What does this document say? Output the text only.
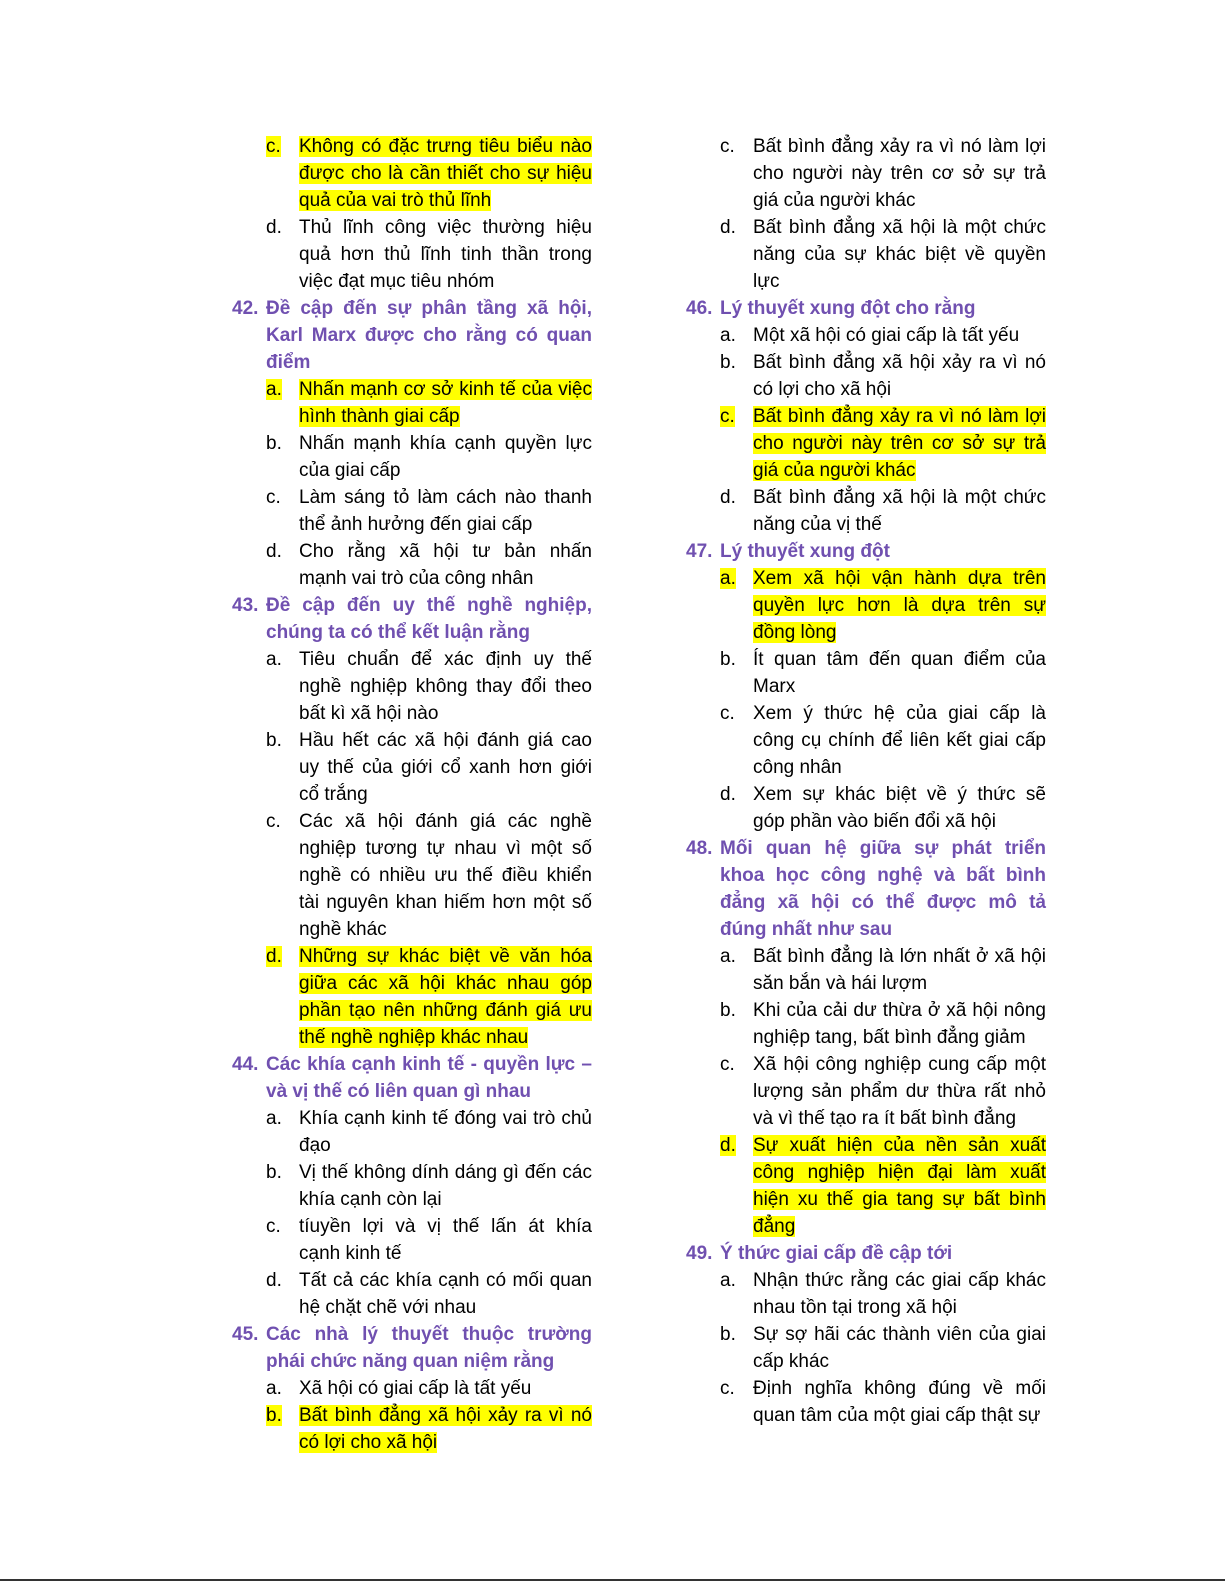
c. Không có đặc trưng tiêu biểu nào được cho là cần thiết cho sự hiệu quả của vai trò thủ lĩnh
d. Thủ lĩnh công việc thường hiệu quả hơn thủ lĩnh tinh thần trong việc đạt mục tiêu nhóm
42. Đề cập đến sự phân tầng xã hội, Karl Marx được cho rằng có quan điểm
a. Nhấn mạnh cơ sở kinh tế của việc hình thành giai cấp
b. Nhấn mạnh khía cạnh quyền lực của giai cấp
c. Làm sáng tỏ làm cách nào thanh thể ảnh hưởng đến giai cấp
d. Cho rằng xã hội tư bản nhấn mạnh vai trò của công nhân
43. Đề cập đến uy thế nghề nghiệp, chúng ta có thể kết luận rằng
a. Tiêu chuẩn để xác định uy thế nghề nghiệp không thay đổi theo bất kì xã hội nào
b. Hầu hết các xã hội đánh giá cao uy thế của giới cổ xanh hơn giới cổ trắng
c. Các xã hội đánh giá các nghề nghiệp tương tự nhau vì một số nghề có nhiều ưu thế điều khiển tài nguyên khan hiếm hơn một số nghề khác
d. Những sự khác biệt về văn hóa giữa các xã hội khác nhau góp phần tạo nên những đánh giá ưu thế nghề nghiệp khác nhau
44. Các khía cạnh kinh tế - quyền lực – và vị thế có liên quan gì nhau
a. Khía cạnh kinh tế đóng vai trò chủ đạo
b. Vị thế không dính dáng gì đến các khía cạnh còn lại
c. tíuyền lợi và vị thế lấn át khía cạnh kinh tế
d. Tất cả các khía cạnh có mối quan hệ chặt chẽ với nhau
45. Các nhà lý thuyết thuộc trường phái chức năng quan niệm rằng
a. Xã hội có giai cấp là tất yếu
b. Bất bình đẳng xã hội xảy ra vì nó có lợi cho xã hội
c. Bất bình đẳng xảy ra vì nó làm lợi cho người này trên cơ sở sự trả giá của người khác
d. Bất bình đẳng xã hội là một chức năng của sự khác biệt về quyền lực
46. Lý thuyết xung đột cho rằng
a. Một xã hội có giai cấp là tất yếu
b. Bất bình đẳng xã hội xảy ra vì nó có lợi cho xã hội
c. Bất bình đẳng xảy ra vì nó làm lợi cho người này trên cơ sở sự trả giá của người khác
d. Bất bình đẳng xã hội là một chức năng của vị thế
47. Lý thuyết xung đột
a. Xem xã hội vận hành dựa trên quyền lực hơn là dựa trên sự đồng lòng
b. Ít quan tâm đến quan điểm của Marx
c. Xem ý thức hệ của giai cấp là công cụ chính để liên kết giai cấp công nhân
d. Xem sự khác biệt về ý thức sẽ góp phần vào biến đổi xã hội
48. Mối quan hệ giữa sự phát triển khoa học công nghệ và bất bình đẳng xã hội có thể được mô tả đúng nhất như sau
a. Bất bình đẳng là lớn nhất ở xã hội săn bắn và hái lượm
b. Khi của cải dư thừa ở xã hội nông nghiệp tang, bất bình đẳng giảm
c. Xã hội công nghiệp cung cấp một lượng sản phẩm dư thừa rất nhỏ và vì thế tạo ra ít bất bình đẳng
d. Sự xuất hiện của nền sản xuất công nghiệp hiện đại làm xuất hiện xu thế gia tang sự bất bình đẳng
49. Ý thức giai cấp đề cập tới
a. Nhận thức rằng các giai cấp khác nhau tồn tại trong xã hội
b. Sự sợ hãi các thành viên của giai cấp khác
c. Định nghĩa không đúng về mối quan tâm của một giai cấp thật sự
